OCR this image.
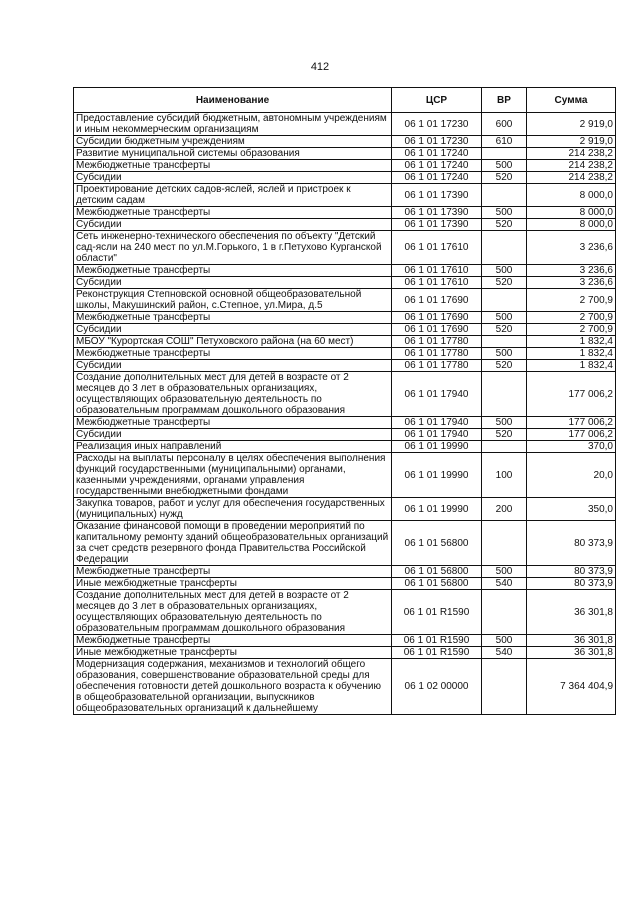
412
Наименование	ЦСР	ВР	Сумма
Предоставление субсидий бюджетным, автономным учреждениям и иным некоммерческим организациям	06 1 01 17230	600	2 919,0
Субсидии бюджетным учреждениям	06 1 01 17230	610	2 919,0
Развитие муниципальной системы образования	06 1 01 17240		214 238,2
Межбюджетные трансферты	06 1 01 17240	500	214 238,2
Субсидии	06 1 01 17240	520	214 238,2
Проектирование детских садов-яслей, яслей и пристроек к детским садам	06 1 01 17390		8 000,0
Межбюджетные трансферты	06 1 01 17390	500	8 000,0
Субсидии	06 1 01 17390	520	8 000,0
Сеть инженерно-технического обеспечения по объекту "Детский сад-ясли на 240 мест по ул.М.Горького, 1 в г.Петухово Курганской области"	06 1 01 17610		3 236,6
Межбюджетные трансферты	06 1 01 17610	500	3 236,6
Субсидии	06 1 01 17610	520	3 236,6
Реконструкция Степновской основной общеобразовательной школы, Макушинский район, с.Степное, ул.Мира, д.5	06 1 01 17690		2 700,9
Межбюджетные трансферты	06 1 01 17690	500	2 700,9
Субсидии	06 1 01 17690	520	2 700,9
МБОУ "Курортская СОШ" Петуховского района (на 60 мест)	06 1 01 17780		1 832,4
Межбюджетные трансферты	06 1 01 17780	500	1 832,4
Субсидии	06 1 01 17780	520	1 832,4
Создание дополнительных мест для детей в возрасте от 2 месяцев до 3 лет в образовательных организациях, осуществляющих образовательную деятельность по образовательным программам дошкольного образования	06 1 01 17940		177 006,2
Межбюджетные трансферты	06 1 01 17940	500	177 006,2
Субсидии	06 1 01 17940	520	177 006,2
Реализация иных направлений	06 1 01 19990		370,0
Расходы на выплаты персоналу в целях обеспечения выполнения функций государственными (муниципальными) органами, казенными учреждениями, органами управления государственными внебюджетными фондами	06 1 01 19990	100	20,0
Закупка товаров, работ и услуг для обеспечения государственных (муниципальных) нужд	06 1 01 19990	200	350,0
Оказание финансовой помощи в проведении мероприятий по капитальному ремонту зданий общеобразовательных организаций за счет средств резервного фонда Правительства Российской Федерации	06 1 01 56800		80 373,9
Межбюджетные трансферты	06 1 01 56800	500	80 373,9
Иные межбюджетные трансферты	06 1 01 56800	540	80 373,9
Создание дополнительных мест для детей в возрасте от 2 месяцев до 3 лет в образовательных организациях, осуществляющих образовательную деятельность по образовательным программам дошкольного образования	06 1 01 R1590		36 301,8
Межбюджетные трансферты	06 1 01 R1590	500	36 301,8
Иные межбюджетные трансферты	06 1 01 R1590	540	36 301,8
Модернизация содержания, механизмов и технологий общего образования, совершенствование образовательной среды для обеспечения готовности детей дошкольного возраста к обучению в общеобразовательной организации, выпускников общеобразовательных организаций к дальнейшему	06 1 02 00000		7 364 404,9
